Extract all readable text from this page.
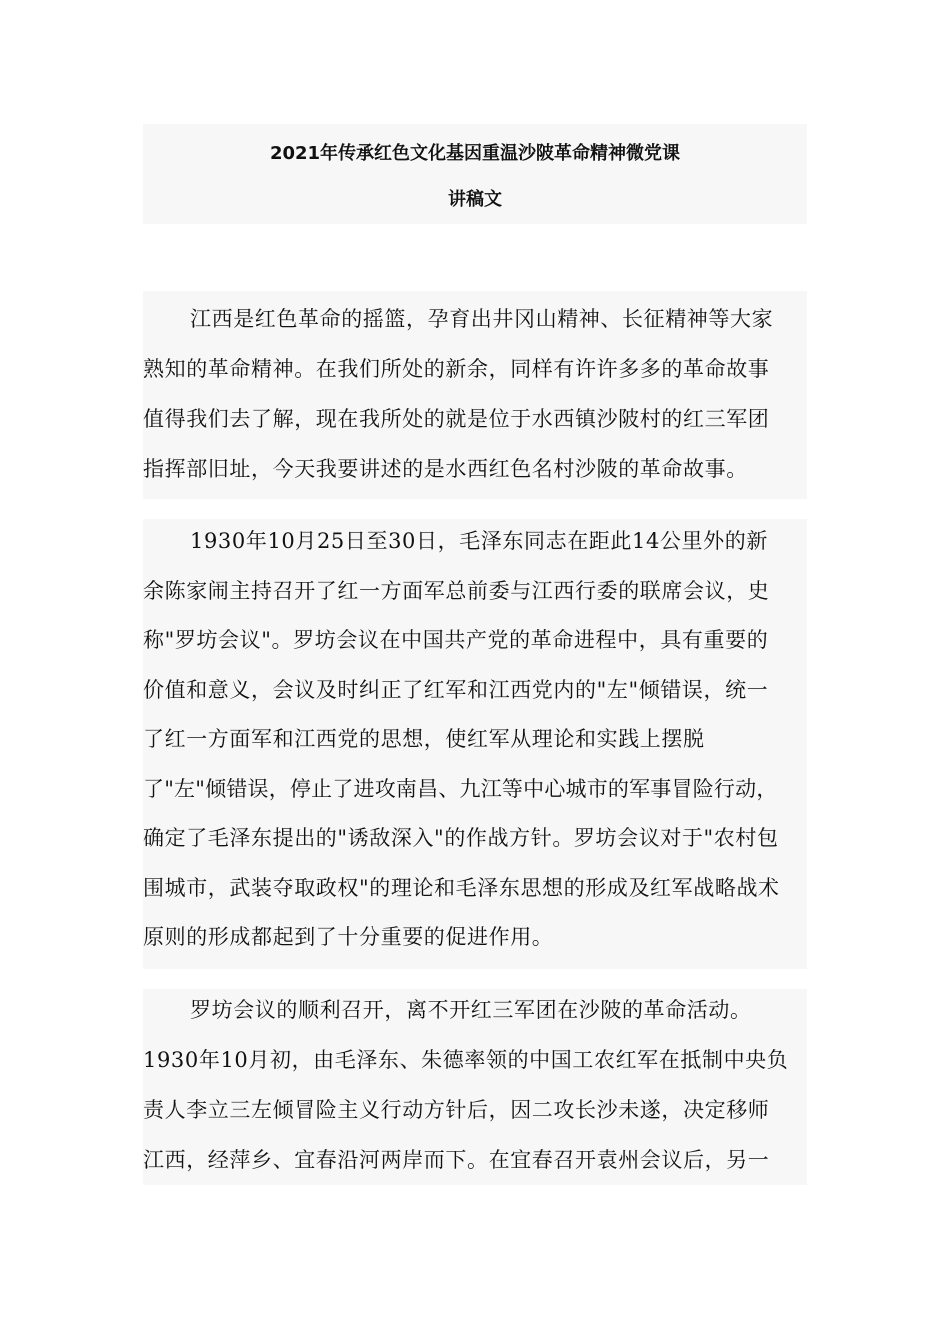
2021年传承红色文化基因重温沙陂革命精神微党课
讲稿文
江西是红色革命的摇篮，孕育出井冈山精神、长征精神等大家
熟知的革命精神。在我们所处的新余，同样有许许多多的革命故事
值得我们去了解，现在我所处的就是位于水西镇沙陂村的红三军团
指挥部旧址，今天我要讲述的是水西红色名村沙陂的革命故事。
1930年10月25日至30日，毛泽东同志在距此14公里外的新
余陈家闹主持召开了红一方面军总前委与江西行委的联席会议，史
称"罗坊会议"。罗坊会议在中国共产党的革命进程中，具有重要的
价值和意义，会议及时纠正了红军和江西党内的"左"倾错误，统一
了红一方面军和江西党的思想，使红军从理论和实践上摆脱
了"左"倾错误，停止了进攻南昌、九江等中心城市的军事冒险行动，
确定了毛泽东提出的"诱敌深入"的作战方针。罗坊会议对于"农村包
围城市，武装夺取政权"的理论和毛泽东思想的形成及红军战略战术
原则的形成都起到了十分重要的促进作用。
罗坊会议的顺利召开，离不开红三军团在沙陂的革命活动。
1930年10月初，由毛泽东、朱德率领的中国工农红军在抵制中央负
责人李立三左倾冒险主义行动方针后，因二攻长沙未遂，决定移师
江西，经萍乡、宜春沿河两岸而下。在宜春召开袁州会议后，另一
